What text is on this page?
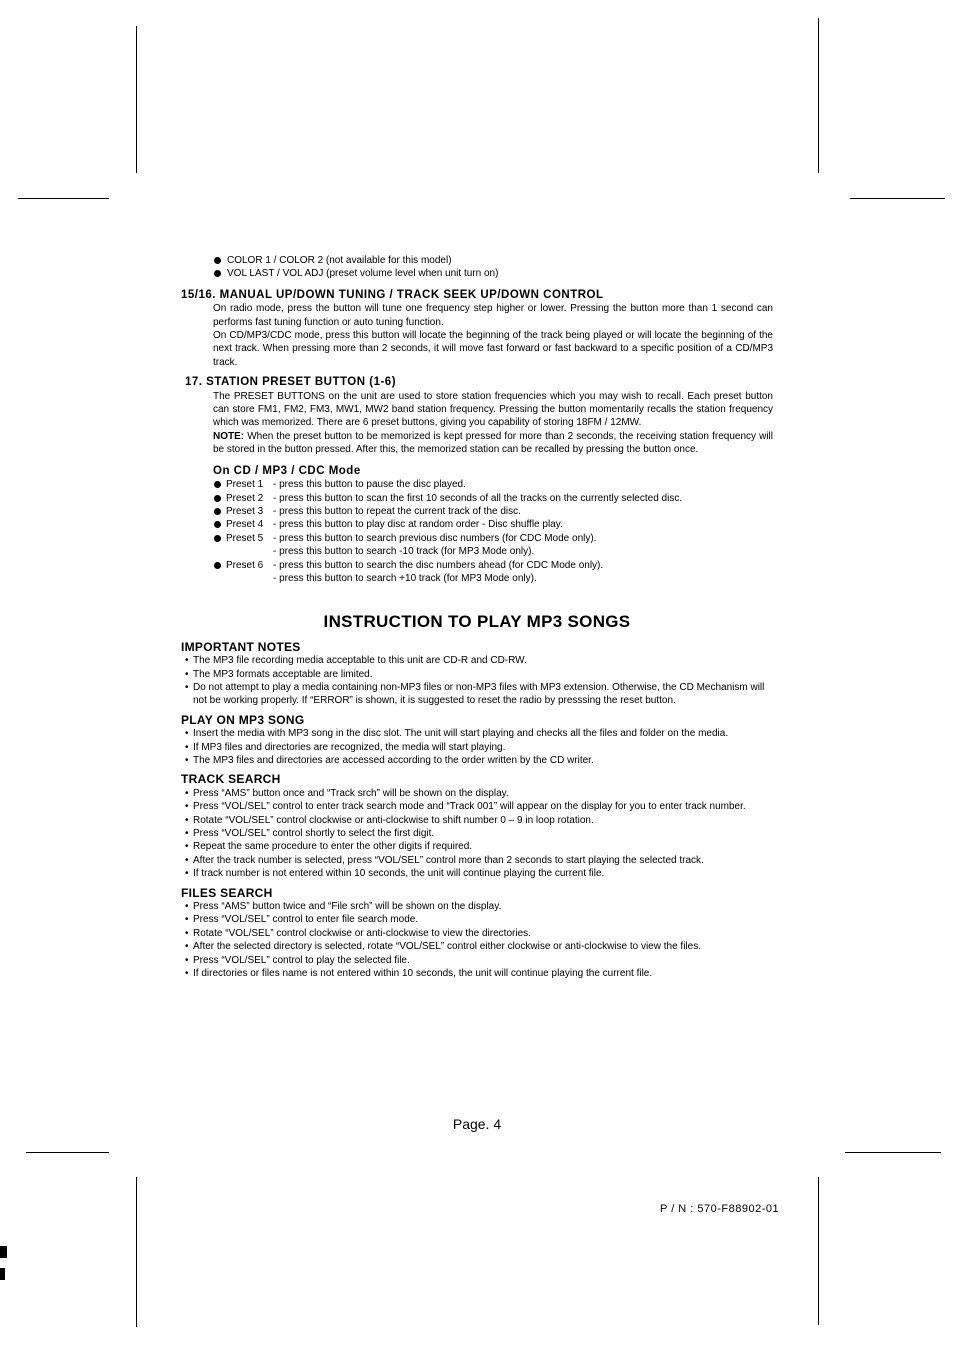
COLOR 1 / COLOR 2 (not available for this model)
VOL LAST / VOL ADJ (preset volume level when unit turn on)
15/16. MANUAL UP/DOWN TUNING / TRACK SEEK UP/DOWN CONTROL
On radio mode, press the button will tune one frequency step higher or lower. Pressing the button more than 1 second can performs fast tuning function or auto tuning function.
On CD/MP3/CDC mode, press this button will locate the beginning of the track being played or will locate the beginning of the next track. When pressing more than 2 seconds, it will move fast forward or fast backward to a specific position of a CD/MP3 track.
17. STATION PRESET BUTTON (1-6)
The PRESET BUTTONS on the unit are used to store station frequencies which you may wish to recall. Each preset button can store FM1, FM2, FM3, MW1, MW2 band station frequency. Pressing the button momentarily recalls the station frequency which was memorized. There are 6 preset buttons, giving you capability of storing 18FM / 12MW.
NOTE: When the preset button to be memorized is kept pressed for more than 2 seconds, the receiving station frequency will be stored in the button pressed. After this, the memorized station can be recalled by pressing the button once.
On CD / MP3 / CDC Mode
Preset 1 - press this button to pause the disc played.
Preset 2 - press this button to scan the first 10 seconds of all the tracks on the currently selected disc.
Preset 3 - press this button to repeat the current track of the disc.
Preset 4 - press this button to play disc at random order - Disc shuffle play.
Preset 5 - press this button to search previous disc numbers (for CDC Mode only).
- press this button to search -10 track (for MP3 Mode only).
Preset 6 - press this button to search the disc numbers ahead (for CDC Mode only).
- press this button to search +10 track (for MP3 Mode only).
INSTRUCTION TO PLAY MP3 SONGS
IMPORTANT NOTES
• The MP3 file recording media acceptable to this unit are CD-R and CD-RW.
• The MP3 formats acceptable are limited.
• Do not attempt to play a media containing non-MP3 files or non-MP3 files with MP3 extension. Otherwise, the CD Mechanism will not be working properly. If “ERROR” is shown, it is suggested to reset the radio by presssing the reset button.
PLAY ON MP3 SONG
• Insert the media with MP3 song in the disc slot. The unit will start playing and checks all the files and folder on the media.
• If MP3 files and directories are recognized, the media will start playing.
• The MP3 files and directories are accessed according to the order written by the CD writer.
TRACK SEARCH
• Press “AMS” button once and “Track srch” will be shown on the display.
• Press “VOL/SEL” control to enter track search mode and “Track 001” will appear on the display for you to enter track number.
• Rotate “VOL/SEL” control clockwise or anti-clockwise to shift number 0 – 9 in loop rotation.
• Press “VOL/SEL” control shortly to select the first digit.
• Repeat the same procedure to enter the other digits if required.
• After the track number is selected, press “VOL/SEL” control more than 2 seconds to start playing the selected track.
• If track number is not entered within 10 seconds, the unit will continue playing the current file.
FILES SEARCH
• Press “AMS” button twice and “File srch” will be shown on the display.
• Press “VOL/SEL” control to enter file search mode.
• Rotate “VOL/SEL” control clockwise or anti-clockwise to view the directories.
• After the selected directory is selected, rotate “VOL/SEL” control either clockwise or anti-clockwise to view the files.
• Press “VOL/SEL” control to play the selected file.
• If directories or files name is not entered within 10 seconds, the unit will continue playing the current file.
Page. 4
P / N : 570-F88902-01
